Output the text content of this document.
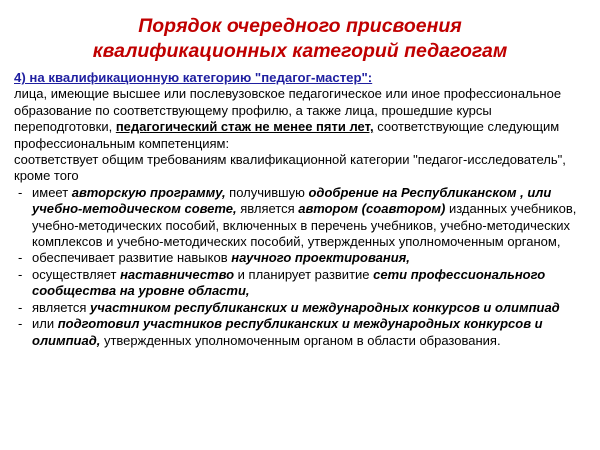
Порядок очередного присвоения
квалификационных категорий педагогам

4) на квалификационную категорию "педагог-мастер":

лица, имеющие высшее или послевузовское педагогическое или иное профессиональное образование по соответствующему профилю, а также лица, прошедшие курсы переподготовки, педагогический стаж не менее пяти лет, соответствующие следующим профессиональным компетенциям:

соответствует общим требованиям квалификационной категории "педагог-исследователь", кроме того

- имеет авторскую программу, получившую одобрение на Республиканском , или учебно-методическом совете, является автором (соавтором) изданных учебников, учебно-методических пособий, включенных в перечень учебников, учебно-методических комплексов и учебно-методических пособий, утвержденных уполномоченным органом,
- обеспечивает развитие навыков научного проектирования,
- осуществляет наставничество и планирует развитие сети профессионального сообщества на уровне области,
- является участником республиканских и международных конкурсов и олимпиад
- или подготовил участников республиканских и международных конкурсов и олимпиад, утвержденных уполномоченным органом в области образования.
